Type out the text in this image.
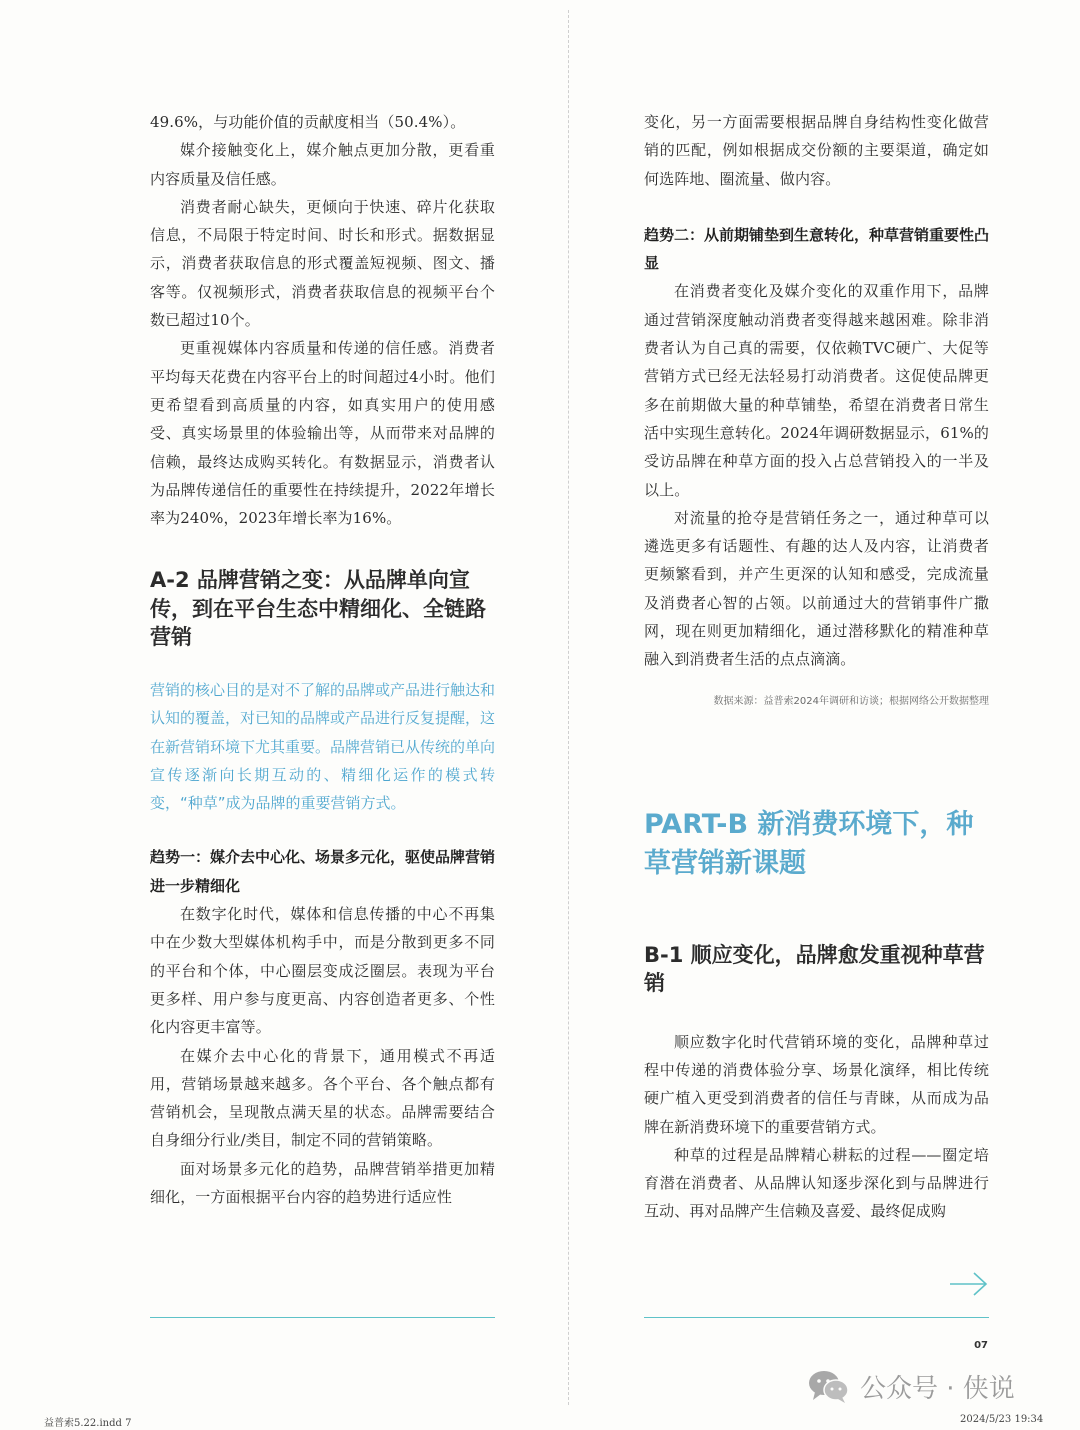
49.6%，与功能价值的贡献度相当（50.4%）。

媒介接触变化上，媒介触点更加分散，更看重内容质量及信任感。

消费者耐心缺失，更倾向于快速、碎片化获取信息，不局限于特定时间、时长和形式。据数据显示，消费者获取信息的形式覆盖短视频、图文、播客等。仅视频形式，消费者获取信息的视频平台个数已超过10个。

更重视媒体内容质量和传递的信任感。消费者平均每天花费在内容平台上的时间超过4小时。他们更希望看到高质量的内容，如真实用户的使用感受、真实场景里的体验输出等，从而带来对品牌的信赖，最终达成购买转化。有数据显示，消费者认为品牌传递信任的重要性在持续提升，2022年增长率为240%，2023年增长率为16%。

A-2 品牌营销之变：从品牌单向宣传，到在平台生态中精细化、全链路营销

营销的核心目的是对不了解的品牌或产品进行触达和认知的覆盖，对已知的品牌或产品进行反复提醒，这在新营销环境下尤其重要。品牌营销已从传统的单向宣传逐渐向长期互动的、精细化运作的模式转变，“种草”成为品牌的重要营销方式。

趋势一：媒介去中心化、场景多元化，驱使品牌营销进一步精细化

在数字化时代，媒体和信息传播的中心不再集中在少数大型媒体机构手中，而是分散到更多不同的平台和个体，中心圈层变成泛圈层。表现为平台更多样、用户参与度更高、内容创造者更多、个性化内容更丰富等。

在媒介去中心化的背景下，通用模式不再适用，营销场景越来越多。各个平台、各个触点都有营销机会，呈现散点满天星的状态。品牌需要结合自身细分行业/类目，制定不同的营销策略。

面对场景多元化的趋势，品牌营销举措更加精细化，一方面根据平台内容的趋势进行适应性

变化，另一方面需要根据品牌自身结构性变化做营销的匹配，例如根据成交份额的主要渠道，确定如何选阵地、圈流量、做内容。

趋势二：从前期铺垫到生意转化，种草营销重要性凸显

在消费者变化及媒介变化的双重作用下，品牌通过营销深度触动消费者变得越来越困难。除非消费者认为自己真的需要，仅依赖TVC硬广、大促等营销方式已经无法轻易打动消费者。这促使品牌更多在前期做大量的种草铺垫，希望在消费者日常生活中实现生意转化。2024年调研数据显示，61%的受访品牌在种草方面的投入占总营销投入的一半及以上。

对流量的抢夺是营销任务之一，通过种草可以遴选更多有话题性、有趣的达人及内容，让消费者更频繁看到，并产生更深的认知和感受，完成流量及消费者心智的占领。以前通过大的营销事件广撒网，现在则更加精细化，通过潜移默化的精准种草融入到消费者生活的点点滴滴。

数据来源：益普索2024年调研和访谈；根据网络公开数据整理

PART-B 新消费环境下，种草营销新课题
B-1 顺应变化，品牌愈发重视种草营销

顺应数字化时代营销环境的变化，品牌种草过程中传递的消费体验分享、场景化演绎，相比传统硬广植入更受到消费者的信任与青睐，从而成为品牌在新消费环境下的重要营销方式。

种草的过程是品牌精心耕耘的过程——圈定培育潜在消费者、从品牌认知逐步深化到与品牌进行互动、再对品牌产生信赖及喜爱、最终促成购

07
公众号 · 侠说
益普索5.22.indd 7	2024/5/23 19:34
